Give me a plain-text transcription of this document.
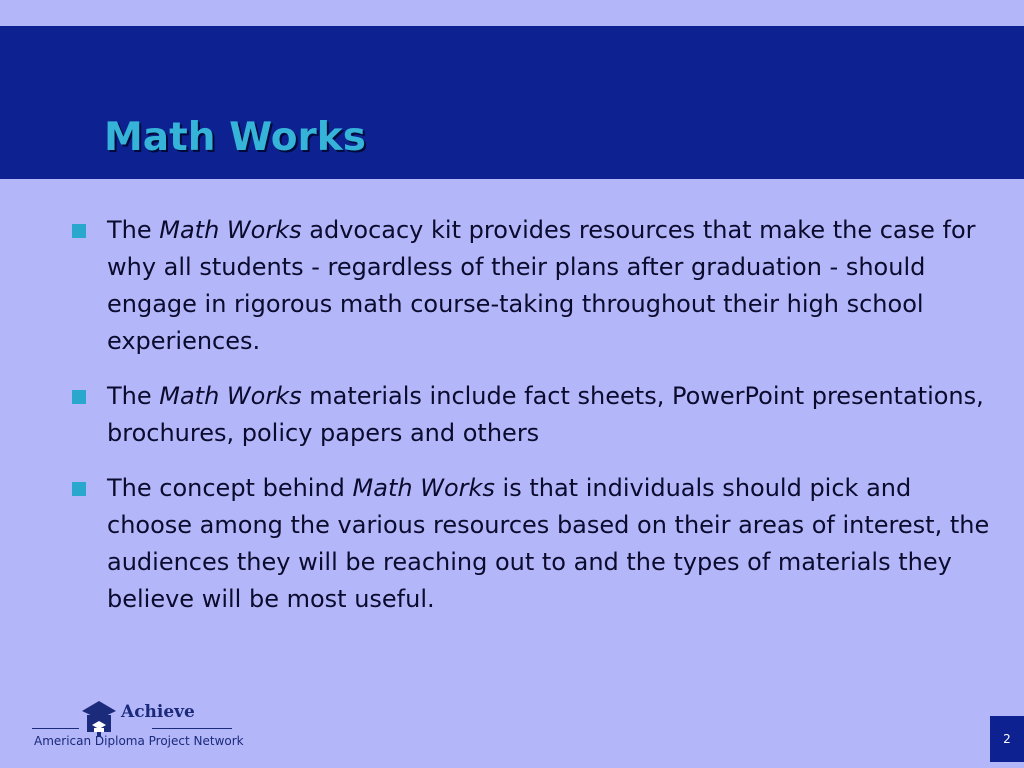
Math Works
The Math Works advocacy kit provides resources that make the case for why all students - regardless of their plans after graduation - should engage in rigorous math course-taking throughout their high school experiences.
The Math Works materials include fact sheets, PowerPoint presentations, brochures, policy papers and others
The concept behind Math Works is that individuals should pick and choose among the various resources based on their areas of interest, the audiences they will be reaching out to and the types of materials they believe will be most useful.
Achieve
American Diploma Project Network	2
